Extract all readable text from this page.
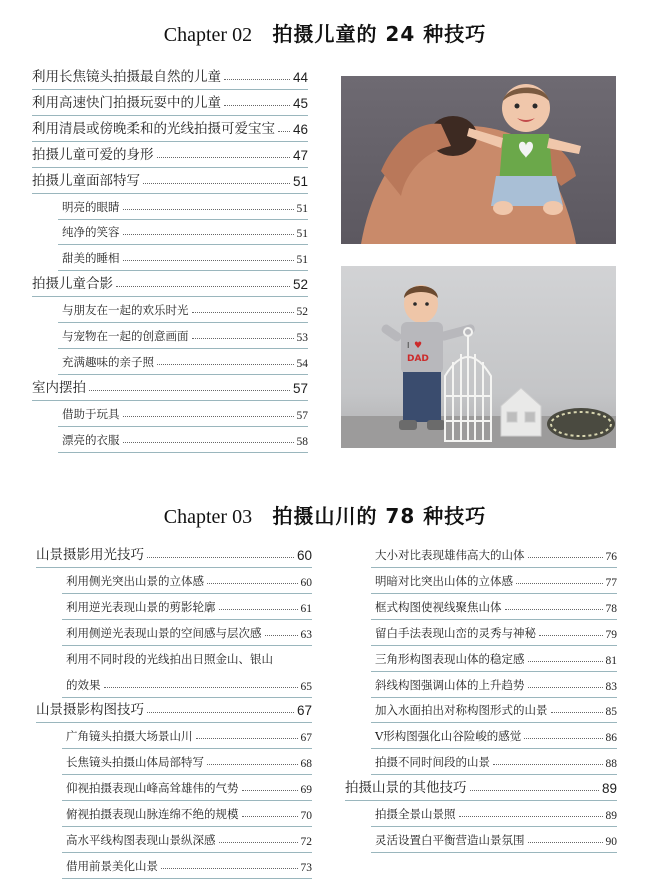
Chapter 02 拍摄儿童的 24 种技巧
利用长焦镜头拍摄最自然的儿童	44
利用高速快门拍摄玩耍中的儿童	45
利用清晨或傍晚柔和的光线拍摄可爱宝宝 46
拍摄儿童可爱的身形	47
拍摄儿童面部特写	51
明亮的眼睛	51
纯净的笑容	51
甜美的睡相	51
拍摄儿童合影	52
与朋友在一起的欢乐时光	52
与宠物在一起的创意画面	53
充满趣味的亲子照	54
室内摆拍	57
借助于玩具	57
漂亮的衣服	58
I ♥
DAD
Chapter 03 拍摄山川的 78 种技巧
山景摄影用光技巧	60
利用侧光突出山景的立体感	60
利用逆光表现山景的剪影轮廓	61
利用侧逆光表现山景的空间感与层次感	63
利用不同时段的光线拍出日照金山、银山
的效果	65
山景摄影构图技巧	67
广角镜头拍摄大场景山川	67
长焦镜头拍摄山体局部特写	68
仰视拍摄表现山峰高耸雄伟的气势	69
俯视拍摄表现山脉连绵不绝的规模	70
高水平线构图表现山景纵深感	72
借用前景美化山景	73
大小对比表现雄伟高大的山体	76
明暗对比突出山体的立体感	77
框式构图使视线聚焦山体	78
留白手法表现山峦的灵秀与神秘	79
三角形构图表现山体的稳定感	81
斜线构图强调山体的上升趋势	83
加入水面拍出对称构图形式的山景	85
V形构图强化山谷险峻的感觉	86
拍摄不同时间段的山景	88
拍摄山景的其他技巧	89
拍摄全景山景照	89
灵活设置白平衡营造山景氛围	90
